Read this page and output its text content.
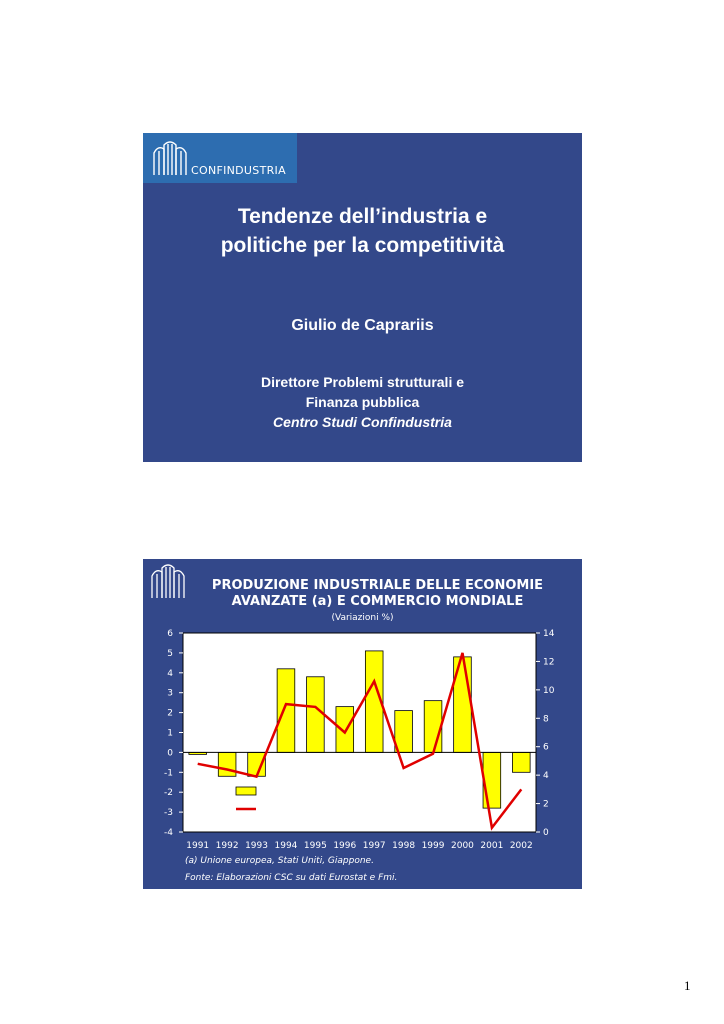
CONFINDUSTRIA
Tendenze dell’industria e
politiche per la competitività
Giulio de Caprariis
Direttore Problemi strutturali e
Finanza pubblica
Centro Studi Confindustria
PRODUZIONE INDUSTRIALE DELLE ECONOMIE
AVANZATE (a) E COMMERCIO MONDIALE
(Variazioni %)
6
5
4
3
2
1
0
-1
-2
-3
-4
14
12
10
8
6
4
2
0
1991 1992 1993 1994 1995 1996 1997 1998 1999 2000 2001 2002
Produzione industriale
Commercio mondiale (scala destra)
(a) Unione europea, Stati Uniti, Giappone.
Fonte: Elaborazioni CSC su dati Eurostat e Fmi.
1
